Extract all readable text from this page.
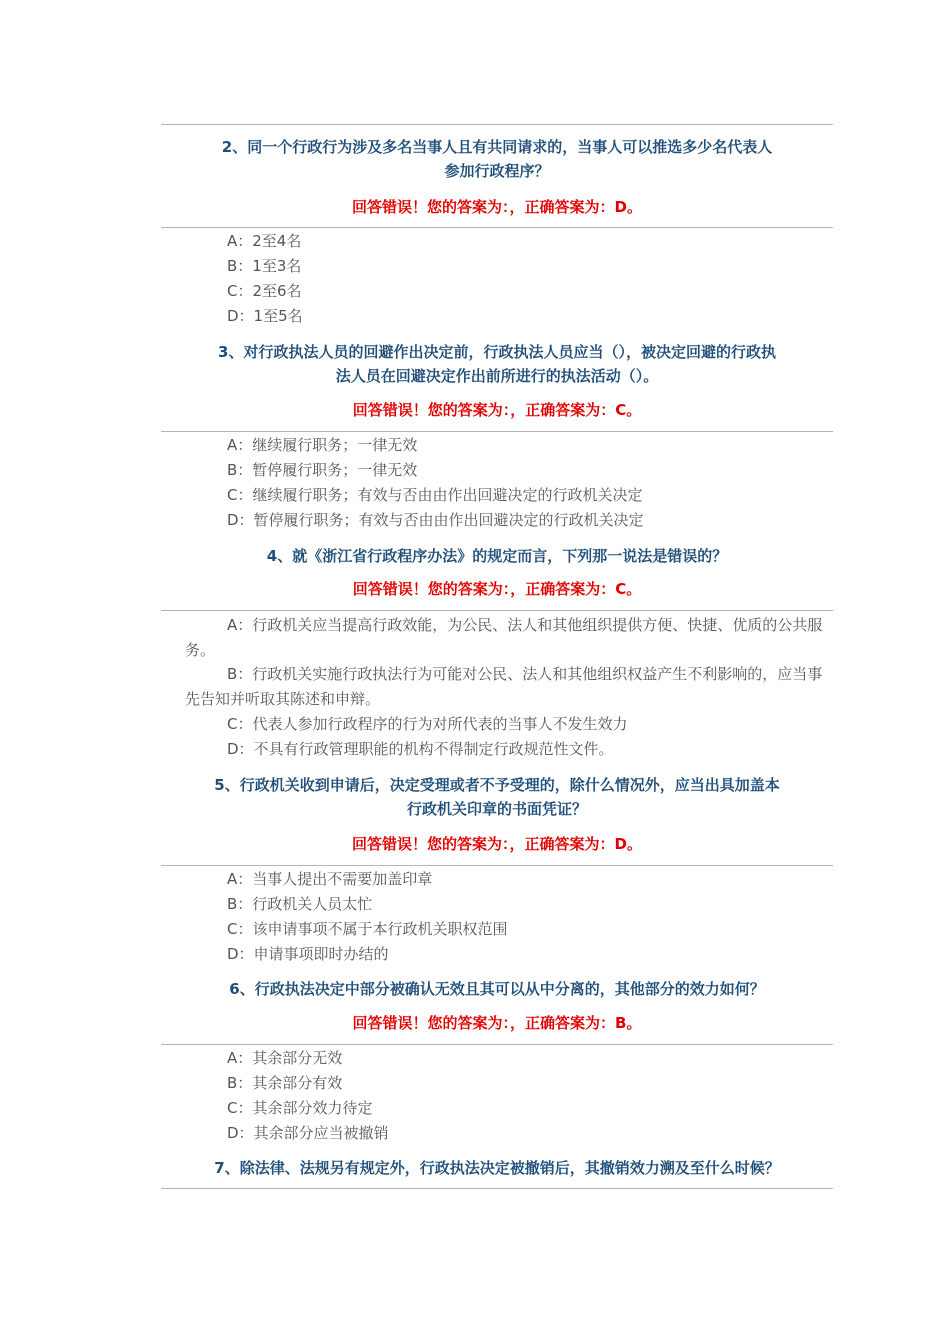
2、同一个行政行为涉及多名当事人且有共同请求的，当事人可以推选多少名代表人
参加行政程序？
回答错误！您的答案为：，正确答案为：D。
A：2至4名
B：1至3名
C：2至6名
D：1至5名
3、对行政执法人员的回避作出决定前，行政执法人员应当（），被决定回避的行政执
法人员在回避决定作出前所进行的执法活动（）。
回答错误！您的答案为：，正确答案为：C。
A：继续履行职务；一律无效
B：暂停履行职务；一律无效
C：继续履行职务；有效与否由由作出回避决定的行政机关决定
D：暂停履行职务；有效与否由由作出回避决定的行政机关决定
4、就《浙江省行政程序办法》的规定而言，下列那一说法是错误的？
回答错误！您的答案为：，正确答案为：C。
A：行政机关应当提高行政效能，为公民、法人和其他组织提供方便、快捷、优质的公共服务。
B：行政机关实施行政执法行为可能对公民、法人和其他组织权益产生不利影响的，应当事先告知并听取其陈述和申辩。
C：代表人参加行政程序的行为对所代表的当事人不发生效力
D：不具有行政管理职能的机构不得制定行政规范性文件。
5、行政机关收到申请后，决定受理或者不予受理的，除什么情况外，应当出具加盖本
行政机关印章的书面凭证？
回答错误！您的答案为：，正确答案为：D。
A：当事人提出不需要加盖印章
B：行政机关人员太忙
C：该申请事项不属于本行政机关职权范围
D：申请事项即时办结的
6、行政执法决定中部分被确认无效且其可以从中分离的，其他部分的效力如何？
回答错误！您的答案为：，正确答案为：B。
A：其余部分无效
B：其余部分有效
C：其余部分效力待定
D：其余部分应当被撤销
7、除法律、法规另有规定外，行政执法决定被撤销后，其撤销效力溯及至什么时候？
